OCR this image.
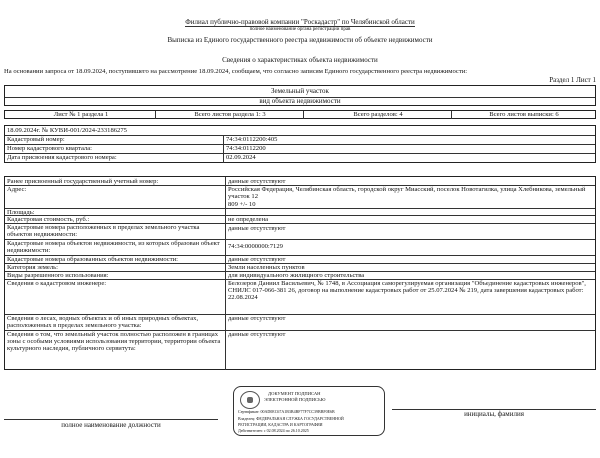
Филиал публично-правовой компании "Роскадастр" по Челябинской области
полное наименование органа регистрации прав
Выписка из Единого государственного реестра недвижимости об объекте недвижимости
Сведения о характеристиках объекта недвижимости
На основании запроса от 18.09.2024, поступившего на рассмотрение 18.09.2024, сообщаем, что согласно записям Единого государственного реестра недвижимости:
Раздел 1 Лист 1
Земельный участок
вид объекта недвижимости
Лист № 1 раздела 1	Всего листов раздела 1: 3	Всего разделов: 4	Всего листов выписки: 6
18.09.2024г. № КУВИ-001/2024-233186275
Кадастровый номер:	74:34:0112200:405
Номер кадастрового квартала:	74:34:0112200
Дата присвоения кадастрового номера:	02.09.2024
Ранее присвоенный государственный учетный номер:	данные отсутствуют
Адрес:	Российская Федерация, Челябинская область, городской округ Миасский, поселок Новотагилка, улица Хлебникова, земельный участок 12
Площадь:
809 +/- 10
Кадастровая стоимость, руб.:	не определена
Кадастровые номера расположенных в пределах земельного участка объектов недвижимости:
данные отсутствуют
Кадастровые номера объектов недвижимости, из которых образован объект недвижимости:
74:34:0000000:7129
Кадастровые номера образованных объектов недвижимости:	данные отсутствуют
Категория земель:	Земли населенных пунктов
Виды разрешенного использования:	для индивидуального жилищного строительства
Сведения о кадастровом инженере:	Белозеров Даниил Васильевич, № 1748, в Ассоциация саморегулируемая организация "Объединение кадастровых инженеров", СНИЛС 017-066-381 26, договор на выполнение кадастровых работ от 25.07.2024 № 219, дата завершения кадастровых работ: 22.08.2024
Сведения о лесах, водных объектах и об иных природных объектах, расположенных в пределах земельного участка:
данные отсутствуют
Сведения о том, что земельный участок полностью расположен в границах зоны с особыми условиями использования территории, территории объекта культурного наследия, публичного сервитута:
данные отсутствуют
полное наименование должности
инициалы, фамилия
ДОКУМЕНТ ПОДПИСАН
ЭЛЕКТРОННОЙ ПОДПИСЬЮ
Сертификат: 00AD0EC67A1B3B4BF77F7CC39BBF0E6B
Владелец: ФЕДЕРАЛЬНАЯ СЛУЖБА ГОСУДАРСТВЕННОЙ
РЕГИСТРАЦИИ, КАДАСТРА И КАРТОГРАФИИ
Действителен: с 02.08.2024 по 26.10.2025
